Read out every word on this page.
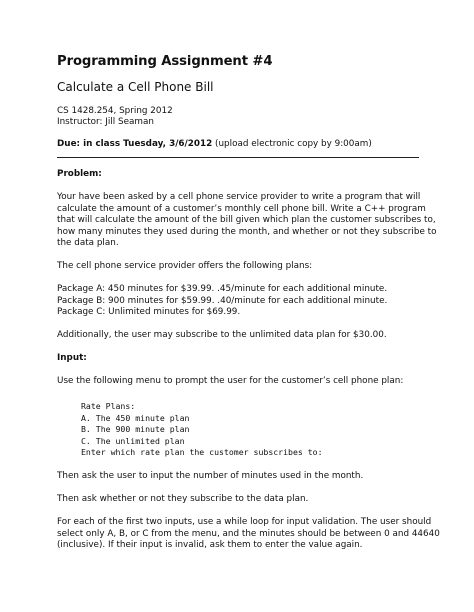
Programming Assignment #4
Calculate a Cell Phone Bill
CS 1428.254, Spring 2012
Instructor: Jill Seaman
Due: in class Tuesday, 3/6/2012 (upload electronic copy by 9:00am)
Problem:
Your have been asked by a cell phone service provider to write a program that will
calculate the amount of a customer’s monthly cell phone bill. Write a C++ program
that will calculate the amount of the bill given which plan the customer subscribes to,
how many minutes they used during the month, and whether or not they subscribe to
the data plan.
The cell phone service provider offers the following plans:
Package A: 450 minutes for $39.99. .45/minute for each additional minute.
Package B: 900 minutes for $59.99. .40/minute for each additional minute.
Package C: Unlimited minutes for $69.99.
Additionally, the user may subscribe to the unlimited data plan for $30.00.
Input:
Use the following menu to prompt the user for the customer’s cell phone plan:
Rate Plans:
A. The 450 minute plan
B. The 900 minute plan
C. The unlimited plan
Enter which rate plan the customer subscribes to:
Then ask the user to input the number of minutes used in the month.
Then ask whether or not they subscribe to the data plan.
For each of the first two inputs, use a while loop for input validation. The user should
select only A, B, or C from the menu, and the minutes should be between 0 and 44640
(inclusive). If their input is invalid, ask them to enter the value again.
